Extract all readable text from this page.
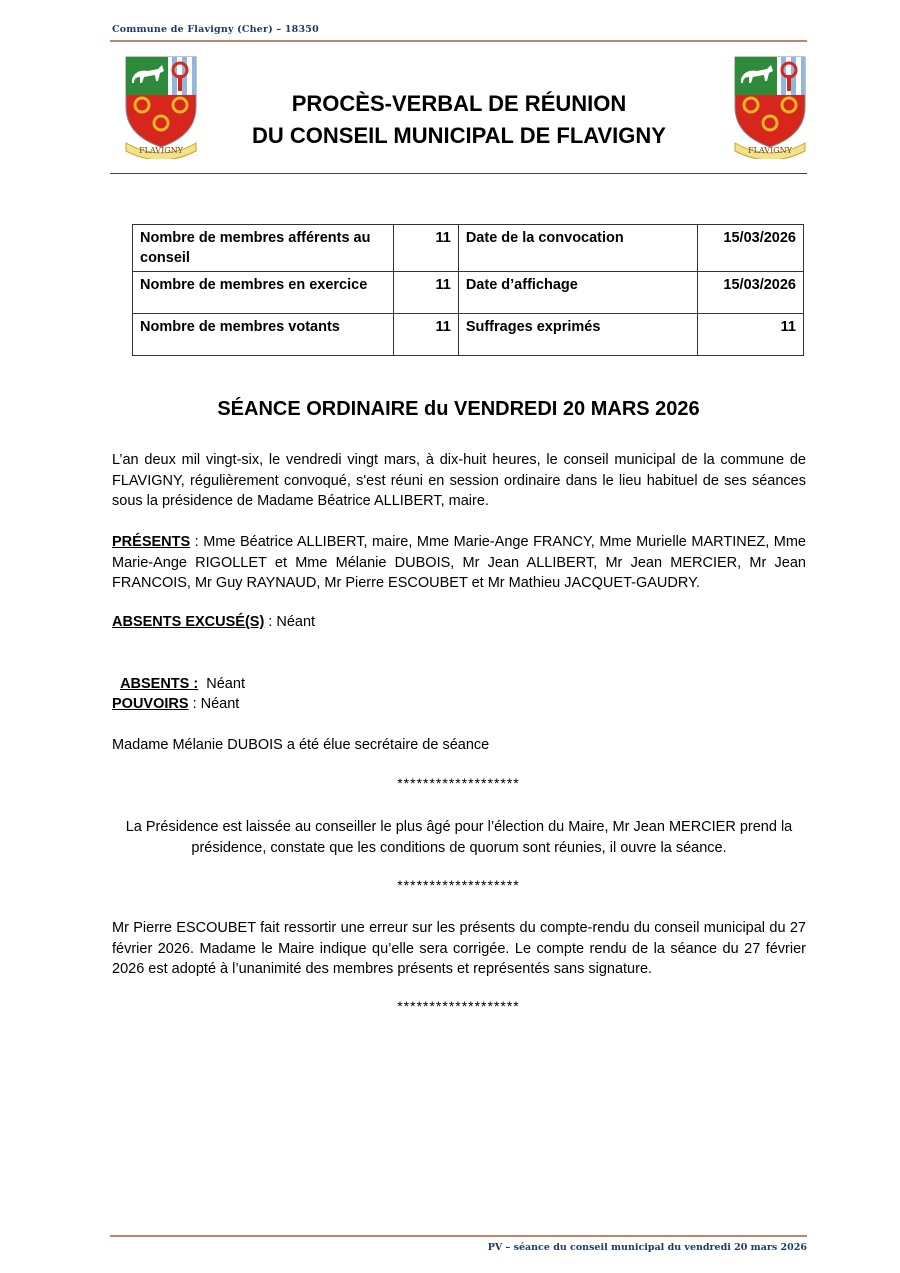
Commune de Flavigny (Cher) – 18350
FLAVIGNY
PROCÈS-VERBAL DE RÉUNION
DU CONSEIL MUNICIPAL DE FLAVIGNY
FLAVIGNY
Nombre de membres afférents au conseil	11	Date de la convocation	15/03/2026
Nombre de membres en exercice	11	Date d’affichage	15/03/2026
Nombre de membres votants	11	Suffrages exprimés	11
SÉANCE ORDINAIRE du VENDREDI 20 MARS 2026
L’an deux mil vingt-six, le vendredi vingt mars, à dix-huit heures, le conseil municipal de la commune de FLAVIGNY, régulièrement convoqué, s'est réuni en session ordinaire dans le lieu habituel de ses séances sous la présidence de Madame Béatrice ALLIBERT, maire.
PRÉSENTS : Mme Béatrice ALLIBERT, maire, Mme Marie-Ange FRANCY, Mme Murielle MARTINEZ, Mme Marie-Ange RIGOLLET et Mme Mélanie DUBOIS, Mr Jean ALLIBERT, Mr Jean MERCIER, Mr Jean FRANCOIS, Mr Guy RAYNAUD, Mr Pierre ESCOUBET et Mr Mathieu JACQUET-GAUDRY.
ABSENTS EXCUSÉ(S) : Néant

ABSENTS :  Néant

POUVOIRS : Néant
Madame Mélanie DUBOIS a été élue secrétaire de séance
*******************
La Présidence est laissée au conseiller le plus âgé pour l’élection du Maire, Mr Jean MERCIER prend la présidence, constate que les conditions de quorum sont réunies, il ouvre la séance.
*******************
Mr Pierre ESCOUBET fait ressortir une erreur sur les présents du compte-rendu du conseil municipal du 27 février 2026. Madame le Maire indique qu’elle sera corrigée. Le compte rendu de la séance du 27 février 2026 est adopté à l’unanimité des membres présents et représentés sans signature.
*******************
PV – séance du conseil municipal du vendredi 20 mars 2026
